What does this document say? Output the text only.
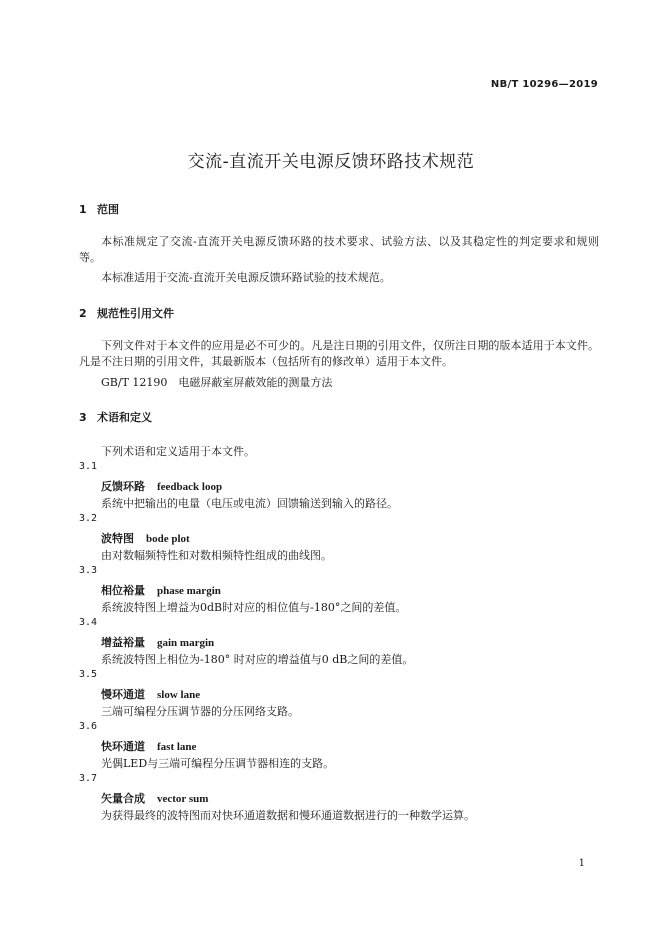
NB/T 10296—2019
交流-直流开关电源反馈环路技术规范
1 范围
本标准规定了交流-直流开关电源反馈环路的技术要求、试验方法、以及其稳定性的判定要求和规则等。
本标准适用于交流-直流开关电源反馈环路试验的技术规范。
2 规范性引用文件
下列文件对于本文件的应用是必不可少的。凡是注日期的引用文件，仅所注日期的版本适用于本文件。凡是不注日期的引用文件，其最新版本（包括所有的修改单）适用于本文件。
GB/T 12190　电磁屏蔽室屏蔽效能的测量方法
3 术语和定义
下列术语和定义适用于本文件。
3.1
反馈环路 feedback loop
系统中把输出的电量（电压或电流）回馈输送到输入的路径。
3.2
波特图 bode plot
由对数幅频特性和对数相频特性组成的曲线图。
3.3
相位裕量 phase margin
系统波特图上增益为0dB时对应的相位值与-180°之间的差值。
3.4
增益裕量 gain margin
系统波特图上相位为-180° 时对应的增益值与0 dB之间的差值。
3.5
慢环通道 slow lane
三端可编程分压调节器的分压网络支路。
3.6
快环通道 fast lane
光偶LED与三端可编程分压调节器相连的支路。
3.7
矢量合成 vector sum
为获得最终的波特图而对快环通道数据和慢环通道数据进行的一种数学运算。
1
